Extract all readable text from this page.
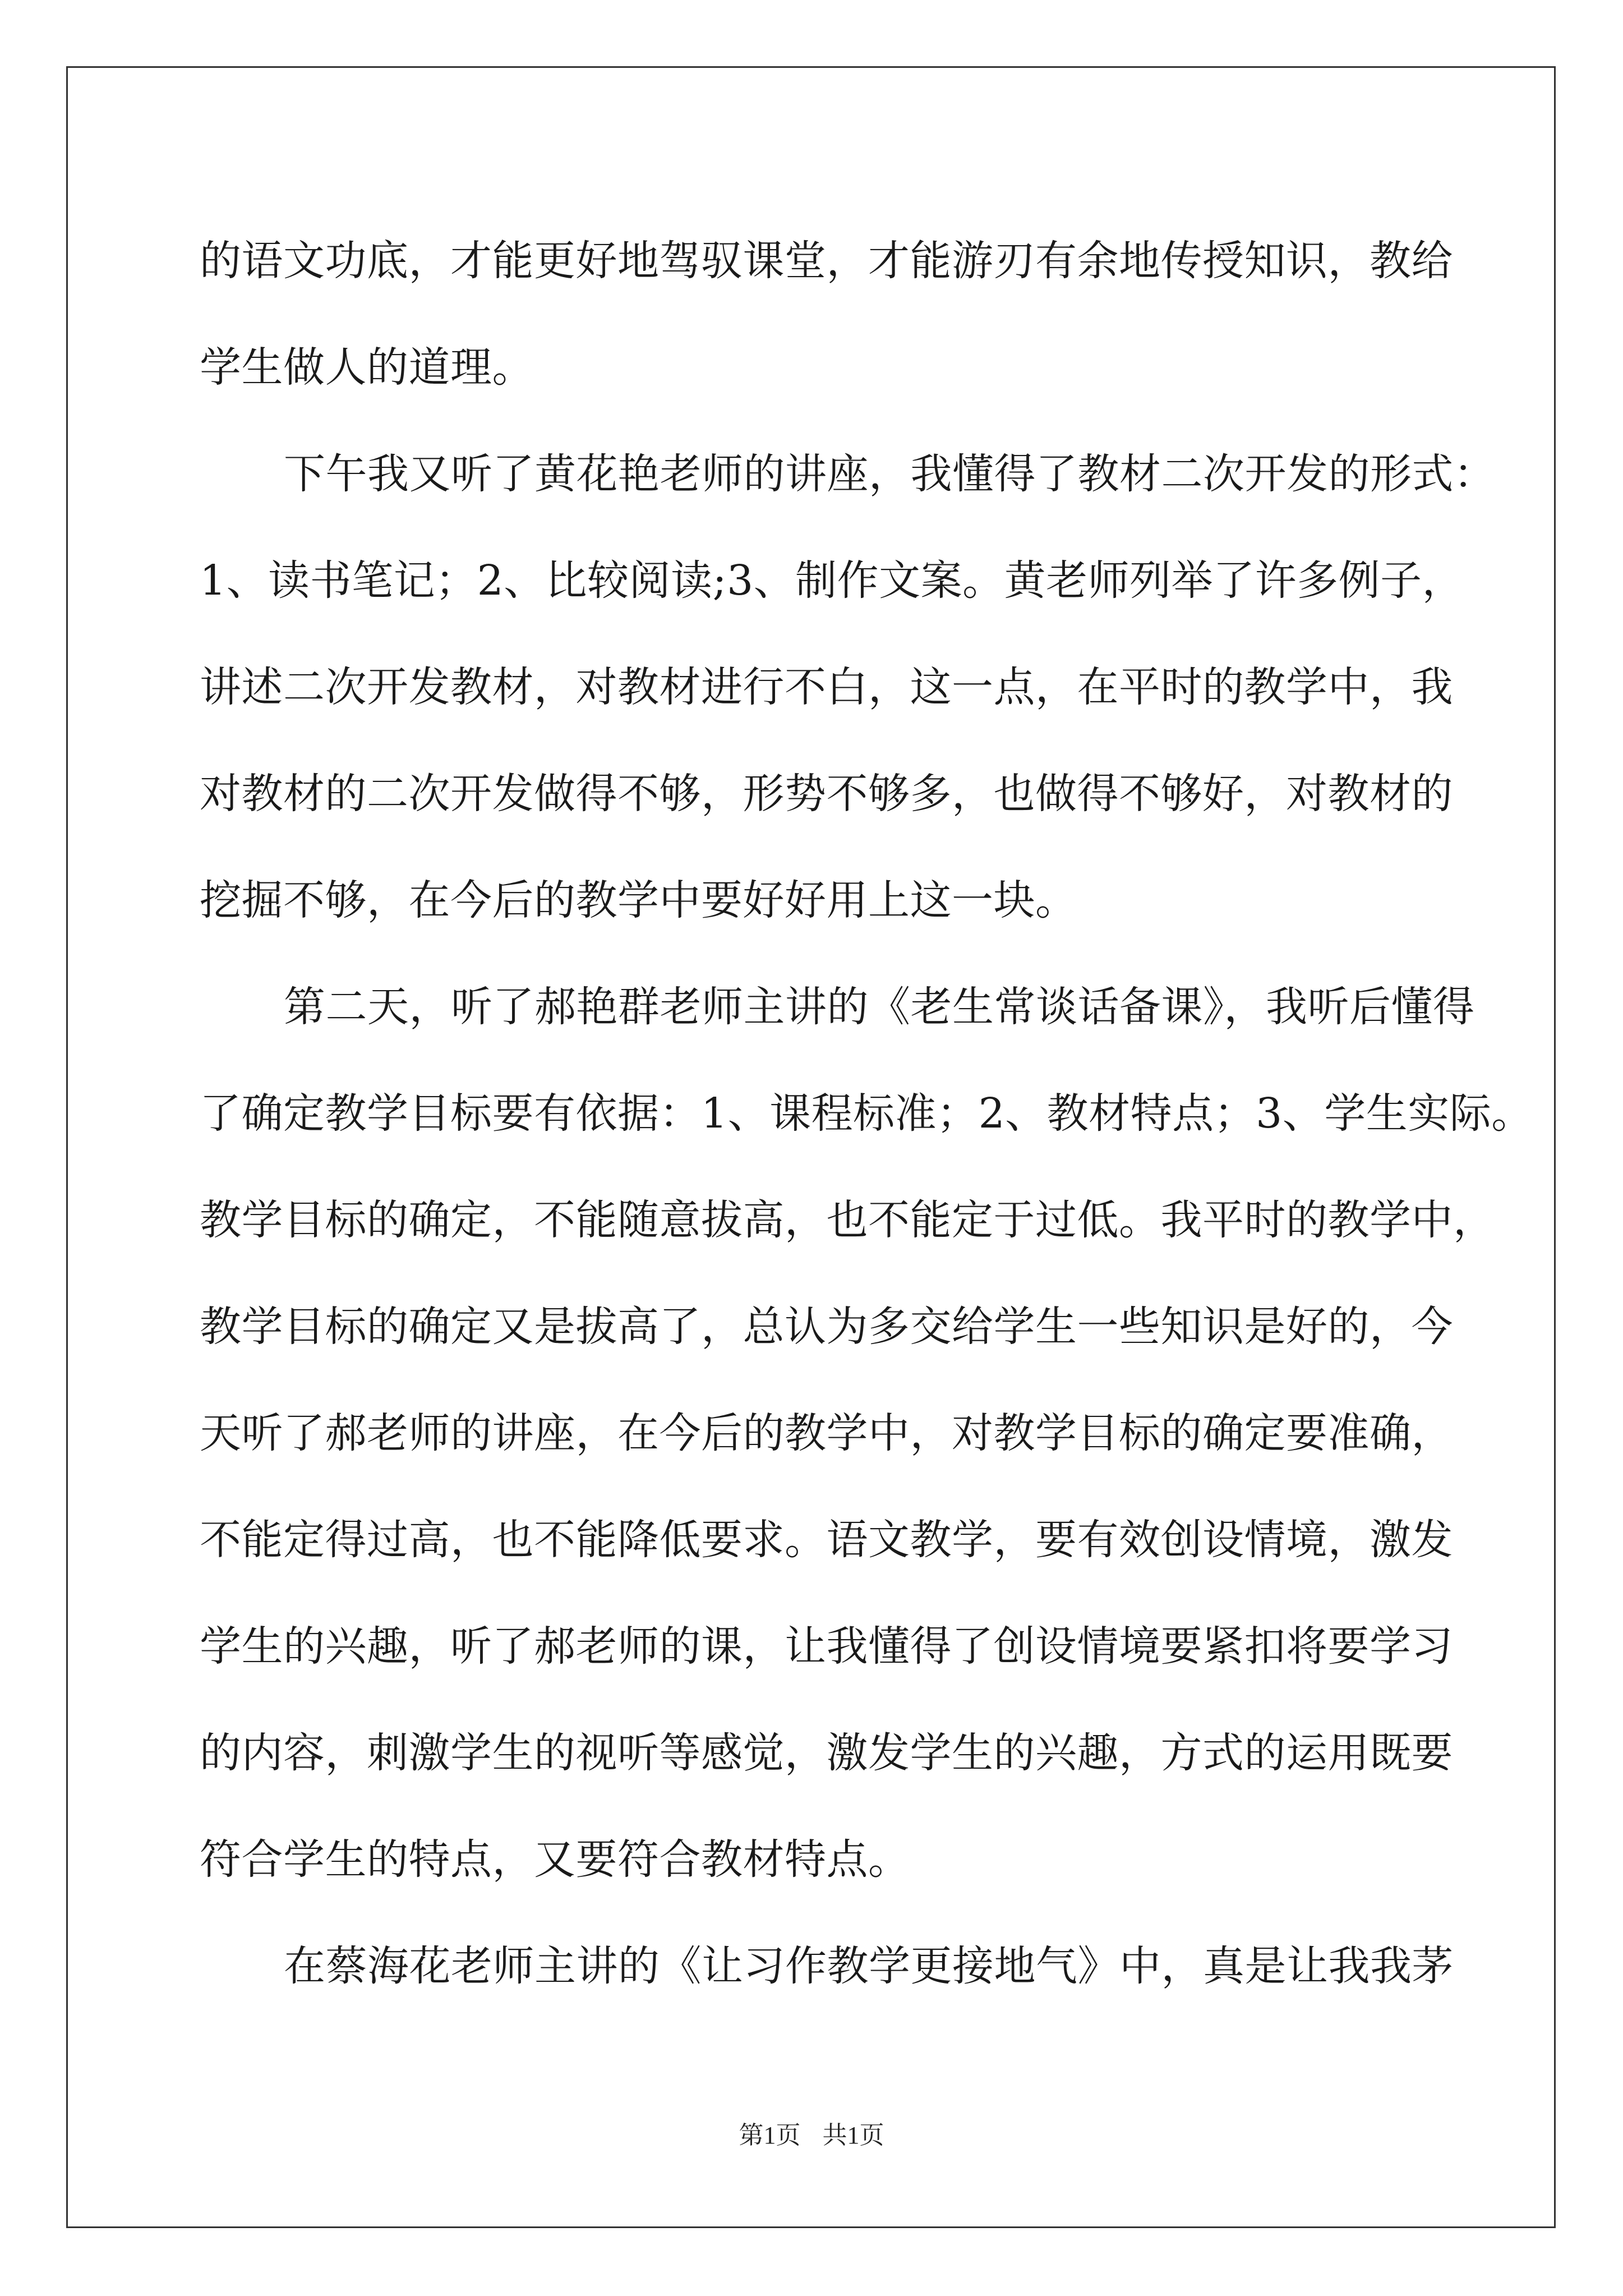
的语文功底，才能更好地驾驭课堂，才能游刃有余地传授知识，教给
学生做人的道理。
下午我又听了黄花艳老师的讲座，我懂得了教材二次开发的形式：
1、读书笔记；2、比较阅读;3、制作文案。黄老师列举了许多例子，
讲述二次开发教材，对教材进行不白，这一点，在平时的教学中，我
对教材的二次开发做得不够，形势不够多，也做得不够好，对教材的
挖掘不够，在今后的教学中要好好用上这一块。
第二天，听了郝艳群老师主讲的《老生常谈话备课》，我听后懂得
了确定教学目标要有依据：1、课程标准；2、教材特点；3、学生实际。
教学目标的确定，不能随意拔高，也不能定于过低。我平时的教学中，
教学目标的确定又是拔高了，总认为多交给学生一些知识是好的，今
天听了郝老师的讲座，在今后的教学中，对教学目标的确定要准确，
不能定得过高，也不能降低要求。语文教学，要有效创设情境，激发
学生的兴趣，听了郝老师的课，让我懂得了创设情境要紧扣将要学习
的内容，刺激学生的视听等感觉，激发学生的兴趣，方式的运用既要
符合学生的特点，又要符合教材特点。
在蔡海花老师主讲的《让习作教学更接地气》中，真是让我我茅
第1页 共1页
